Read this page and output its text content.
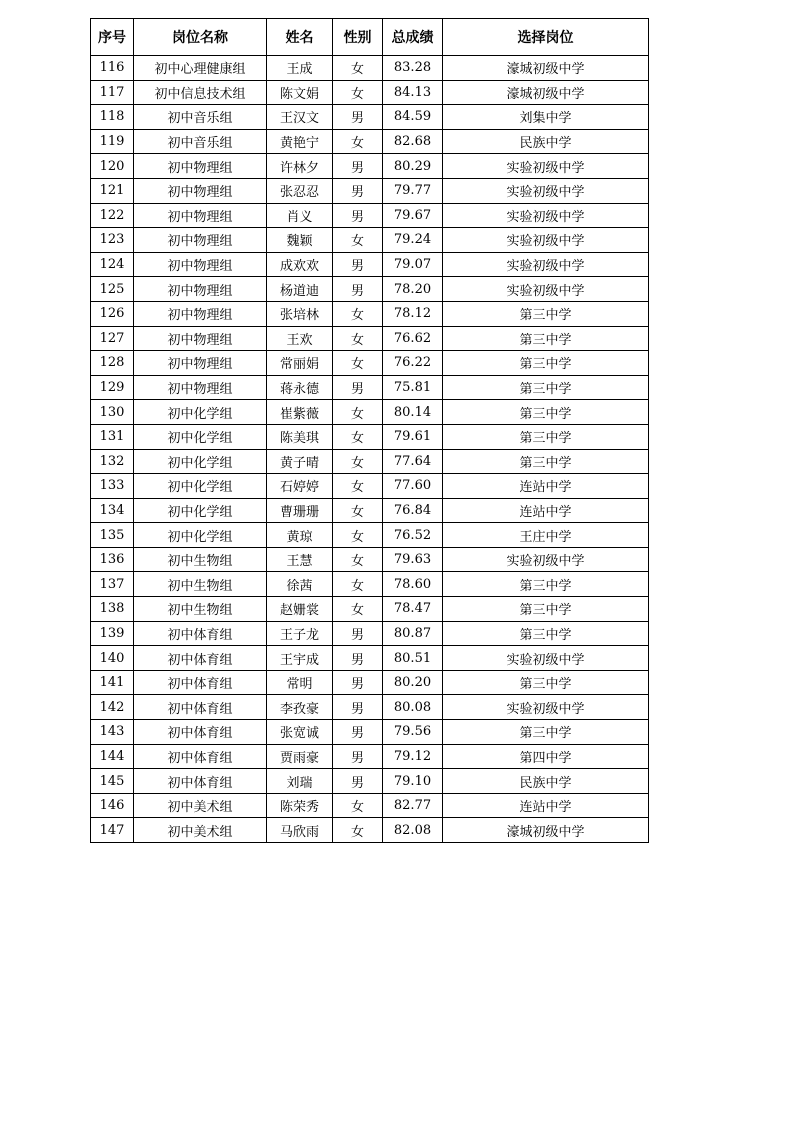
序号	岗位名称	姓名	性别	总成绩	选择岗位
116	初中心理健康组	王成	女	83.28	濠城初级中学
117	初中信息技术组	陈文娟	女	84.13	濠城初级中学
118	初中音乐组	王汉文	男	84.59	刘集中学
119	初中音乐组	黄艳宁	女	82.68	民族中学
120	初中物理组	许林夕	男	80.29	实验初级中学
121	初中物理组	张忍忍	男	79.77	实验初级中学
122	初中物理组	肖义	男	79.67	实验初级中学
123	初中物理组	魏颖	女	79.24	实验初级中学
124	初中物理组	成欢欢	男	79.07	实验初级中学
125	初中物理组	杨道迪	男	78.20	实验初级中学
126	初中物理组	张培林	女	78.12	第三中学
127	初中物理组	王欢	女	76.62	第三中学
128	初中物理组	常丽娟	女	76.22	第三中学
129	初中物理组	蒋永德	男	75.81	第三中学
130	初中化学组	崔紫薇	女	80.14	第三中学
131	初中化学组	陈美琪	女	79.61	第三中学
132	初中化学组	黄子晴	女	77.64	第三中学
133	初中化学组	石婷婷	女	77.60	连站中学
134	初中化学组	曹珊珊	女	76.84	连站中学
135	初中化学组	黄琼	女	76.52	王庄中学
136	初中生物组	王慧	女	79.63	实验初级中学
137	初中生物组	徐茜	女	78.60	第三中学
138	初中生物组	赵姗裳	女	78.47	第三中学
139	初中体育组	王子龙	男	80.87	第三中学
140	初中体育组	王宇成	男	80.51	实验初级中学
141	初中体育组	常明	男	80.20	第三中学
142	初中体育组	李孜豪	男	80.08	实验初级中学
143	初中体育组	张宽诚	男	79.56	第三中学
144	初中体育组	贾雨豪	男	79.12	第四中学
145	初中体育组	刘瑞	男	79.10	民族中学
146	初中美术组	陈荣秀	女	82.77	连站中学
147	初中美术组	马欣雨	女	82.08	濠城初级中学
